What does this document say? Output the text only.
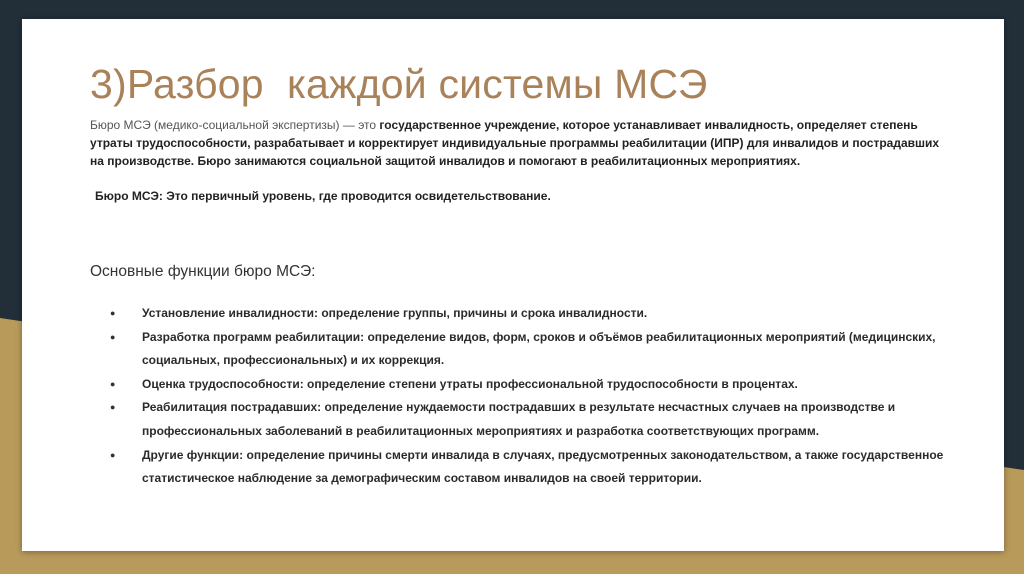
3)Разбор  каждой системы МСЭ

Бюро МСЭ (медико-социальной экспертизы) — это государственное учреждение, которое устанавливает инвалидность, определяет степень утраты трудоспособности, разрабатывает и корректирует индивидуальные программы реабилитации (ИПР) для инвалидов и пострадавших на производстве. Бюро занимаются социальной защитой инвалидов и помогают в реабилитационных мероприятиях.

Бюро МСЭ: Это первичный уровень, где проводится освидетельствование.

Основные функции бюро МСЭ:
● Установление инвалидности: определение группы, причины и срока инвалидности.
● Разработка программ реабилитации: определение видов, форм, сроков и объёмов реабилитационных мероприятий (медицинских, социальных, профессиональных) и их коррекция.
● Оценка трудоспособности: определение степени утраты профессиональной трудоспособности в процентах.
● Реабилитация пострадавших: определение нуждаемости пострадавших в результате несчастных случаев на производстве и профессиональных заболеваний в реабилитационных мероприятиях и разработка соответствующих программ.
● Другие функции: определение причины смерти инвалида в случаях, предусмотренных законодательством, а также государственное статистическое наблюдение за демографическим составом инвалидов на своей территории.
